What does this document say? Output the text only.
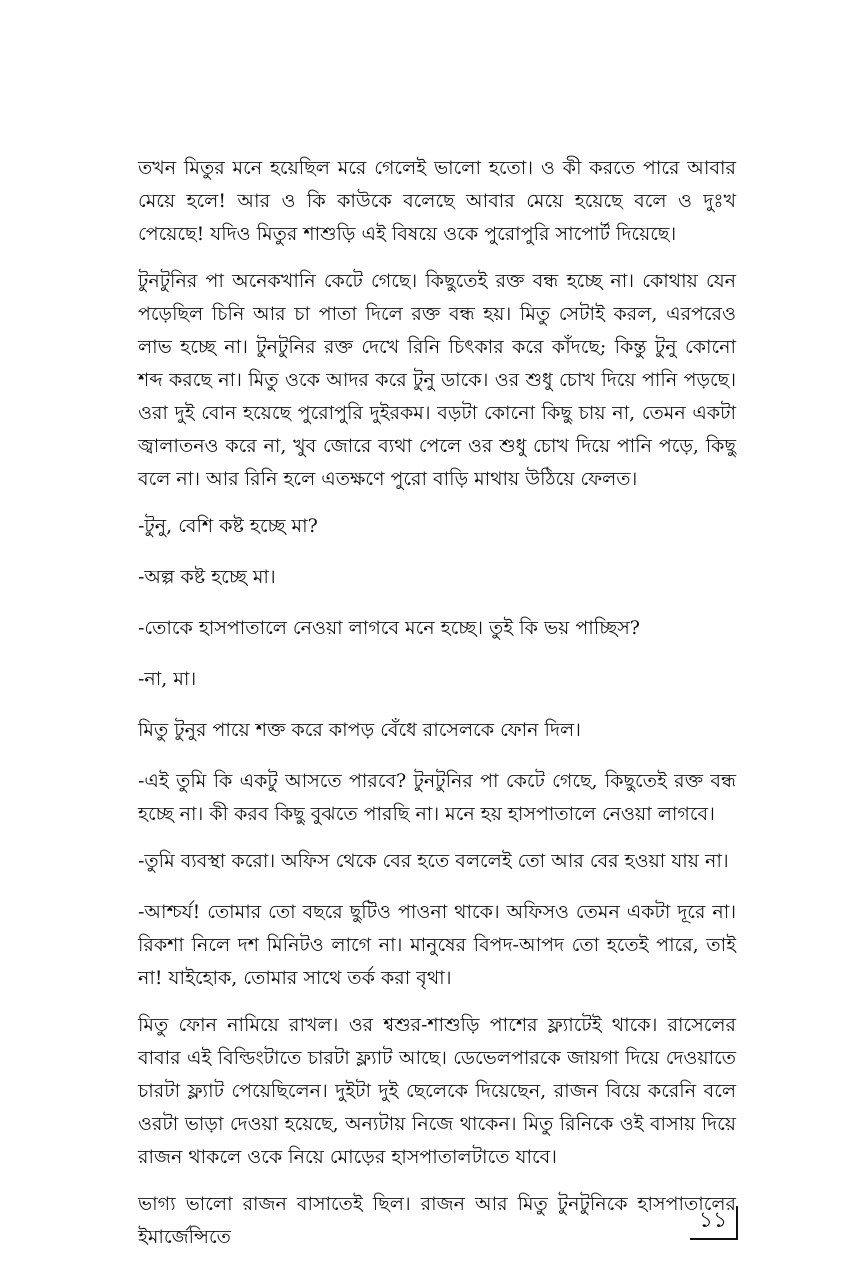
তখন মিতুর মনে হয়েছিল মরে গেলেই ভালো হতো। ও কী করতে পারে আবার মেয়ে হলে! আর ও কি কাউকে বলেছে আবার মেয়ে হয়েছে বলে ও দুঃখ পেয়েছে! যদিও মিতুর শাশুড়ি এই বিষয়ে ওকে পুরোপুরি সাপোর্ট দিয়েছে।

টুনটুনির পা অনেকখানি কেটে গেছে। কিছুতেই রক্ত বন্ধ হচ্ছে না। কোথায় যেন পড়েছিল চিনি আর চা পাতা দিলে রক্ত বন্ধ হয়। মিতু সেটাই করল, এরপরেও লাভ হচ্ছে না। টুনটুনির রক্ত দেখে রিনি চিৎকার করে কাঁদছে; কিন্তু টুনু কোনো শব্দ করছে না। মিতু ওকে আদর করে টুনু ডাকে। ওর শুধু চোখ দিয়ে পানি পড়ছে। ওরা দুই বোন হয়েছে পুরোপুরি দুইরকম। বড়টা কোনো কিছু চায় না, তেমন একটা জ্বালাতনও করে না, খুব জোরে ব্যথা পেলে ওর শুধু চোখ দিয়ে পানি পড়ে, কিছু বলে না। আর রিনি হলে এতক্ষণে পুরো বাড়ি মাথায় উঠিয়ে ফেলত।

-টুনু, বেশি কষ্ট হচ্ছে মা?

-অল্প কষ্ট হচ্ছে মা।

-তোকে হাসপাতালে নেওয়া লাগবে মনে হচ্ছে। তুই কি ভয় পাচ্ছিস?

-না, মা।

মিতু টুনুর পায়ে শক্ত করে কাপড় বেঁধে রাসেলকে ফোন দিল।

-এই তুমি কি একটু আসতে পারবে? টুনটুনির পা কেটে গেছে, কিছুতেই রক্ত বন্ধ হচ্ছে না। কী করব কিছু বুঝতে পারছি না। মনে হয় হাসপাতালে নেওয়া লাগবে।

-তুমি ব্যবস্থা করো। অফিস থেকে বের হতে বললেই তো আর বের হওয়া যায় না।

-আশ্চর্য! তোমার তো বছরে ছুটিও পাওনা থাকে। অফিসও তেমন একটা দূরে না। রিকশা নিলে দশ মিনিটও লাগে না। মানুষের বিপদ-আপদ তো হতেই পারে, তাই না! যাইহোক, তোমার সাথে তর্ক করা বৃথা।

মিতু ফোন নামিয়ে রাখল। ওর শ্বশুর-শাশুড়ি পাশের ফ্ল্যাটেই থাকে। রাসেলের বাবার এই বিল্ডিংটাতে চারটা ফ্ল্যাট আছে। ডেভেলপারকে জায়গা দিয়ে দেওয়াতে চারটা ফ্ল্যাট পেয়েছিলেন। দুইটা দুই ছেলেকে দিয়েছেন, রাজন বিয়ে করেনি বলে ওরটা ভাড়া দেওয়া হয়েছে, অন্যটায় নিজে থাকেন। মিতু রিনিকে ওই বাসায় দিয়ে রাজন থাকলে ওকে নিয়ে মোড়ের হাসপাতালটাতে যাবে।

ভাগ্য ভালো রাজন বাসাতেই ছিল। রাজন আর মিতু টুনটুনিকে হাসপাতালের ইমার্জেন্সিতে

১১
